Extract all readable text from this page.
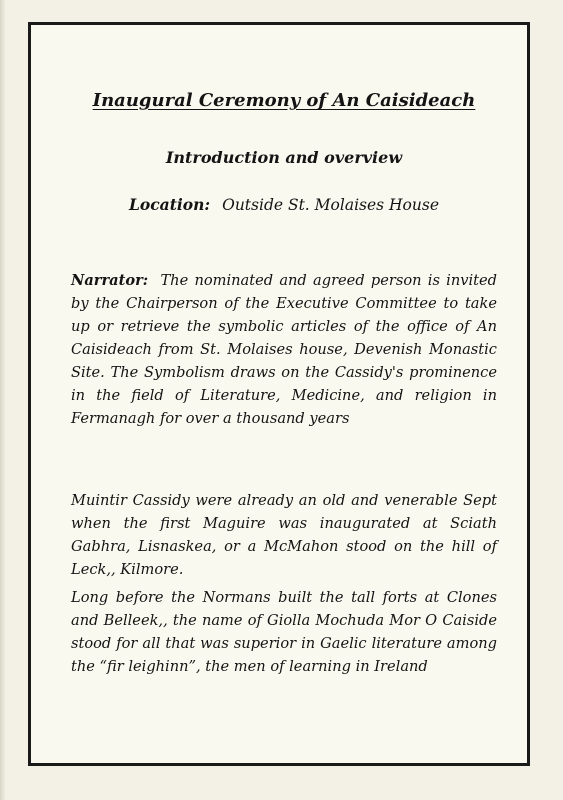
Inaugural Ceremony of An Caisideach
Introduction and overview
Location: Outside St. Molaises House

Narrator: The nominated and agreed person is invited by the Chairperson of the Executive Committee to take up or retrieve the symbolic articles of the office of An Caisideach from St. Molaises house, Devenish Monastic Site. The Symbolism draws on the Cassidy's prominence in the field of Literature, Medicine, and religion in Fermanagh for over a thousand years

Muintir Cassidy were already an old and venerable Sept when the first Maguire was inaugurated at Sciath Gabhra, Lisnaskea, or a McMahon stood on the hill of Leck,, Kilmore.

Long before the Normans built the tall forts at Clones and Belleek,, the name of Giolla Mochuda Mor O Caiside stood for all that was superior in Gaelic literature among the “fir leighinn”, the men of learning in Ireland
